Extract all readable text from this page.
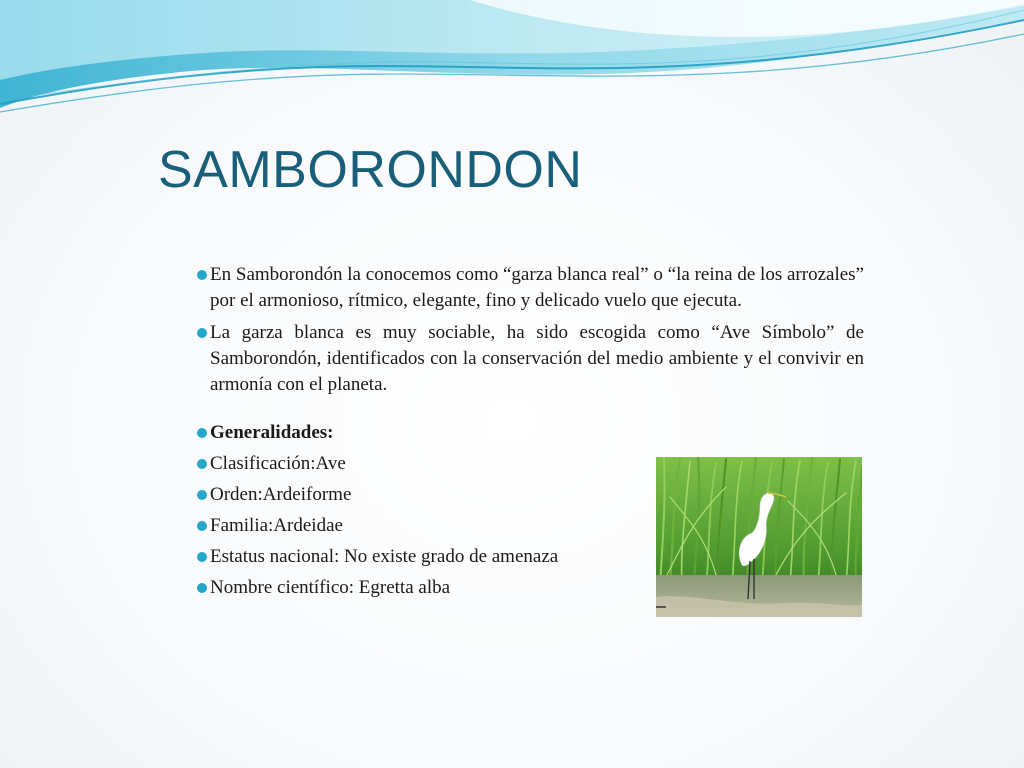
SAMBORONDON
En Samborondón la conocemos como “garza blanca real” o “la reina de los arrozales” por el armonioso, rítmico, elegante, fino y delicado vuelo que ejecuta.
La garza blanca es muy sociable, ha sido escogida como “Ave Símbolo” de Samborondón, identificados con la conservación del medio ambiente y el convivir en armonía con el planeta.
Generalidades:
Clasificación:Ave
Orden:Ardeiforme
Familia:Ardeidae
Estatus nacional: No existe grado de amenaza
Nombre científico: Egretta alba
